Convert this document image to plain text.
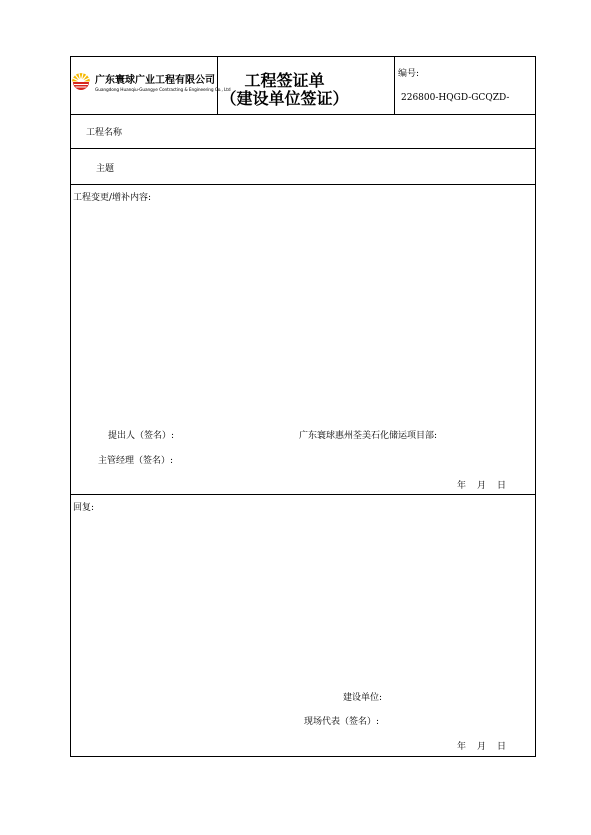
广东寰球广业工程有限公司
Guangdong Huanqiu-Guangye Contracting & Engineering Co., Ltd
工程签证单
（建设单位签证）
编号:
226800-HQGD-GCQZD-
工程名称
主题
工程变更/增补内容:
提出人（签名）:	广东寰球惠州荃美石化储运项目部:
主管经理（签名）:
年 月 日
回复:
建设单位:
现场代表（签名）:
年 月 日
